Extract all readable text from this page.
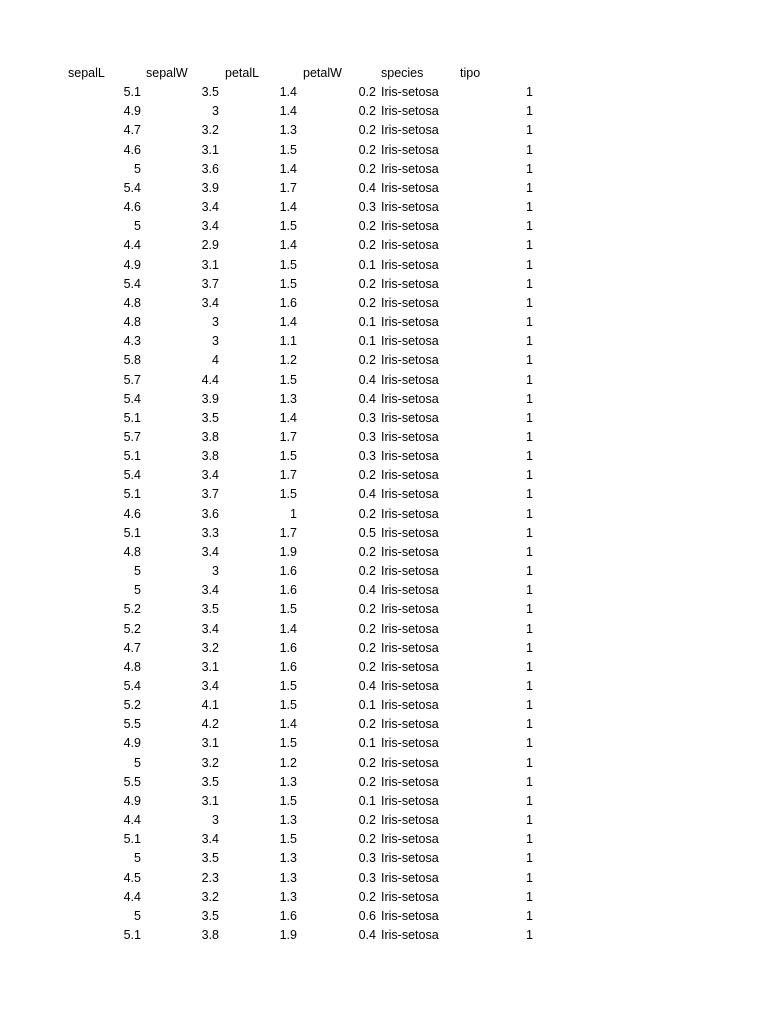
sepalL	sepalW	petalL	petalW	species	tipo
5.1	3.5	1.4	0.2 Iris-setosa	1
4.9	3	1.4	0.2 Iris-setosa	1
4.7	3.2	1.3	0.2 Iris-setosa	1
4.6	3.1	1.5	0.2 Iris-setosa	1
5	3.6	1.4	0.2 Iris-setosa	1
5.4	3.9	1.7	0.4 Iris-setosa	1
4.6	3.4	1.4	0.3 Iris-setosa	1
5	3.4	1.5	0.2 Iris-setosa	1
4.4	2.9	1.4	0.2 Iris-setosa	1
4.9	3.1	1.5	0.1 Iris-setosa	1
5.4	3.7	1.5	0.2 Iris-setosa	1
4.8	3.4	1.6	0.2 Iris-setosa	1
4.8	3	1.4	0.1 Iris-setosa	1
4.3	3	1.1	0.1 Iris-setosa	1
5.8	4	1.2	0.2 Iris-setosa	1
5.7	4.4	1.5	0.4 Iris-setosa	1
5.4	3.9	1.3	0.4 Iris-setosa	1
5.1	3.5	1.4	0.3 Iris-setosa	1
5.7	3.8	1.7	0.3 Iris-setosa	1
5.1	3.8	1.5	0.3 Iris-setosa	1
5.4	3.4	1.7	0.2 Iris-setosa	1
5.1	3.7	1.5	0.4 Iris-setosa	1
4.6	3.6	1	0.2 Iris-setosa	1
5.1	3.3	1.7	0.5 Iris-setosa	1
4.8	3.4	1.9	0.2 Iris-setosa	1
5	3	1.6	0.2 Iris-setosa	1
5	3.4	1.6	0.4 Iris-setosa	1
5.2	3.5	1.5	0.2 Iris-setosa	1
5.2	3.4	1.4	0.2 Iris-setosa	1
4.7	3.2	1.6	0.2 Iris-setosa	1
4.8	3.1	1.6	0.2 Iris-setosa	1
5.4	3.4	1.5	0.4 Iris-setosa	1
5.2	4.1	1.5	0.1 Iris-setosa	1
5.5	4.2	1.4	0.2 Iris-setosa	1
4.9	3.1	1.5	0.1 Iris-setosa	1
5	3.2	1.2	0.2 Iris-setosa	1
5.5	3.5	1.3	0.2 Iris-setosa	1
4.9	3.1	1.5	0.1 Iris-setosa	1
4.4	3	1.3	0.2 Iris-setosa	1
5.1	3.4	1.5	0.2 Iris-setosa	1
5	3.5	1.3	0.3 Iris-setosa	1
4.5	2.3	1.3	0.3 Iris-setosa	1
4.4	3.2	1.3	0.2 Iris-setosa	1
5	3.5	1.6	0.6 Iris-setosa	1
5.1	3.8	1.9	0.4 Iris-setosa	1
